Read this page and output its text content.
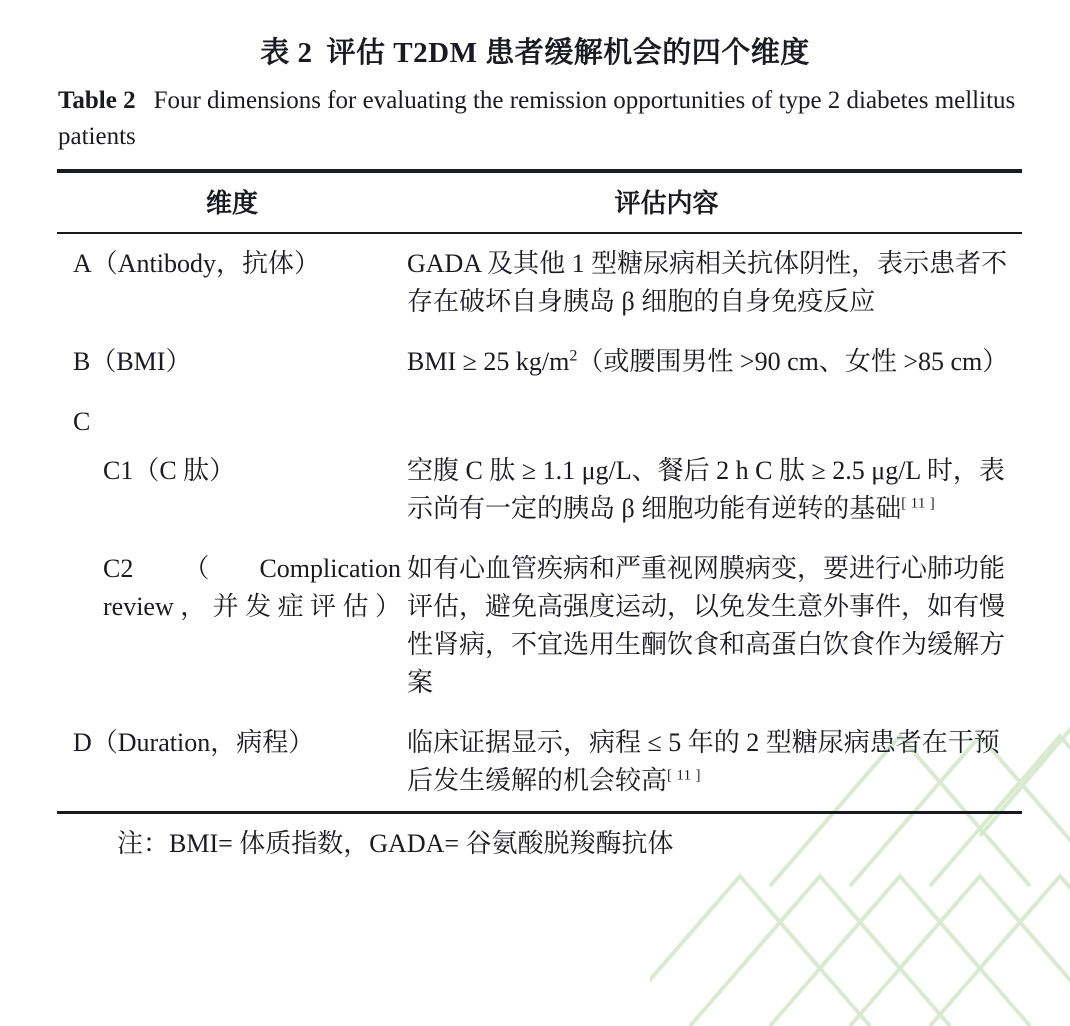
表 2 评估 T2DM 患者缓解机会的四个维度
Table 2 Four dimensions for evaluating the remission opportunities of type 2 diabetes mellitus patients
维度	评估内容
A（Antibody，抗体）	GADA 及其他 1 型糖尿病相关抗体阴性，表示患者不存在破坏自身胰岛 β 细胞的自身免疫反应
B（BMI）	BMI ≥ 25 $kg/m^2$（或腰围男性 >90 cm、女性 >85 cm）
C	
C1（C 肽）	空腹 C 肽 ≥ 1.1 μg/L、餐后 2 h C 肽 ≥ 2.5 μg/L 时，表示尚有一定的胰岛 β 细胞功能有逆转的基础[ 11 ]

C2（Complication review，并发症评估）	如有心血管疾病和严重视网膜病变，要进行心肺功能评估，避免高强度运动，以免发生意外事件，如有慢性肾病，不宜选用生酮饮食和高蛋白饮食作为缓解方案
D（Duration，病程）	临床证据显示，病程 ≤ 5 年的 2 型糖尿病患者在干预后发生缓解的机会较高[ 11 ]
注：BMI= 体质指数，GADA= 谷氨酸脱羧酶抗体
